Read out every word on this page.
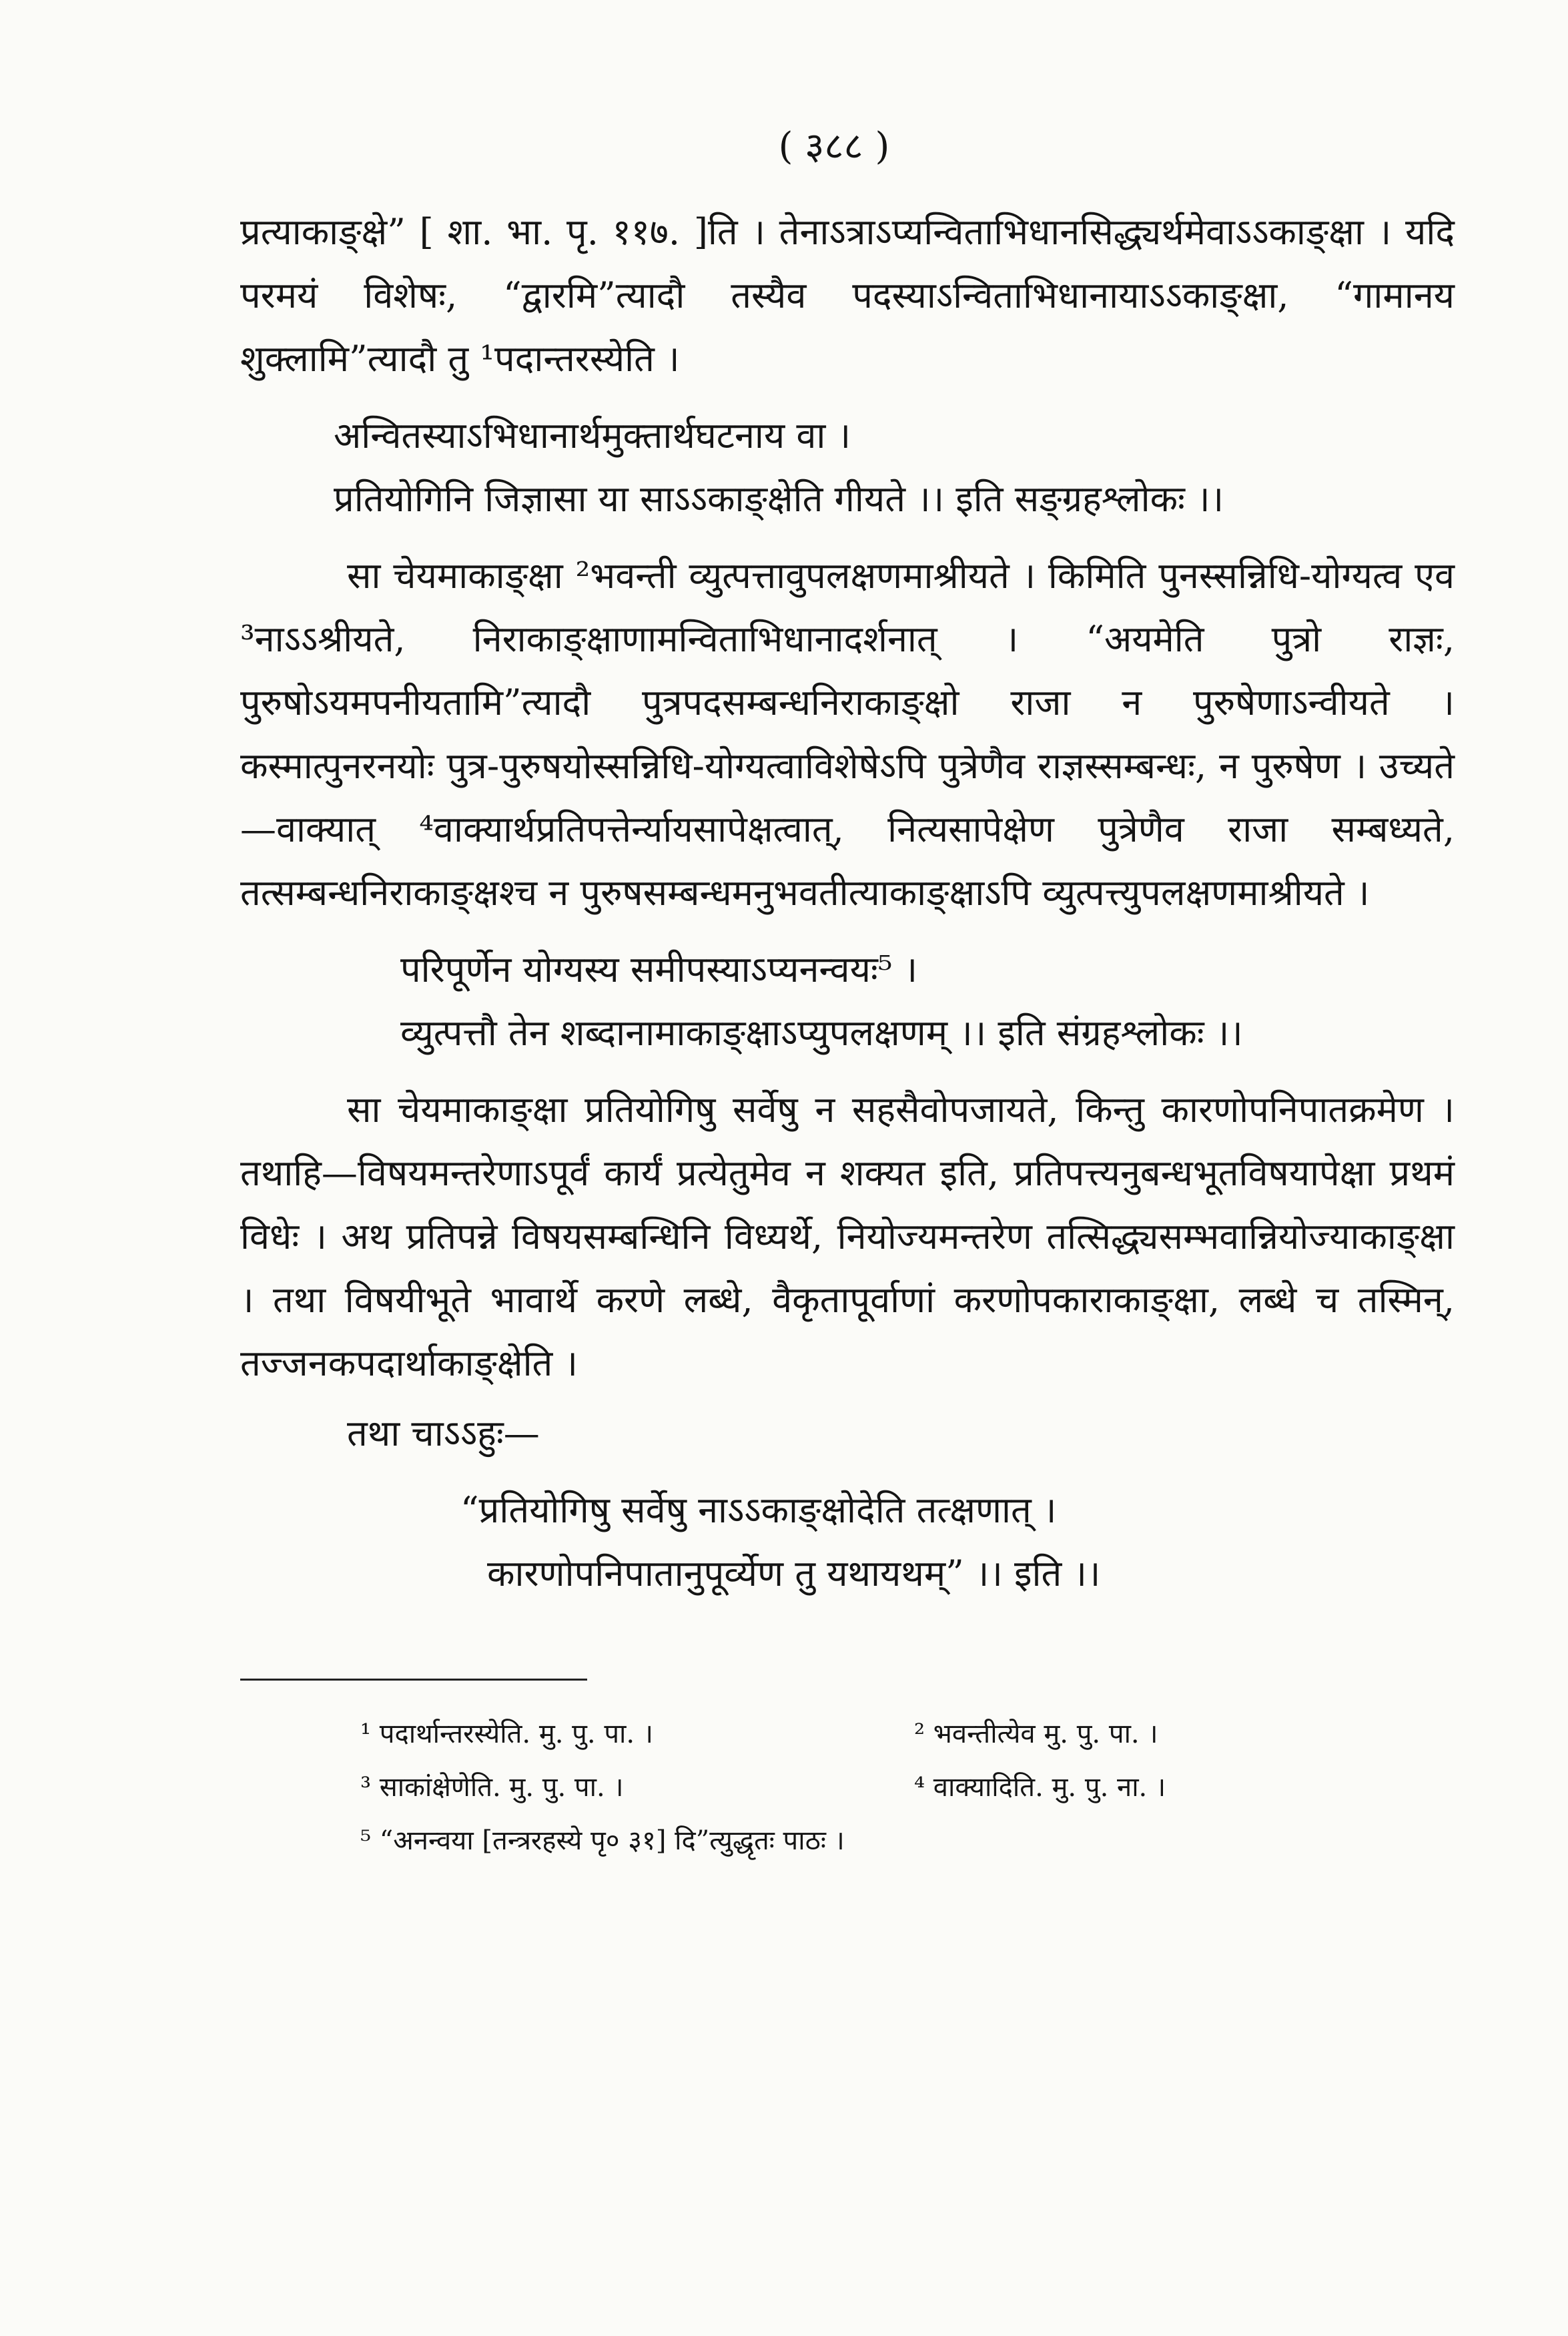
( ३८८ )

प्रत्याकाङ्क्षे” [ शा. भा. पृ. ११७. ]ति । तेनाऽत्राऽप्यन्विताभिधानसिद्ध्यर्थमेवाऽऽकाङ्क्षा । यदि परमयं विशेषः, “द्वारमि”त्यादौ तस्यैव पदस्याऽन्विताभिधानायाऽऽकाङ्क्षा, “गामानय शुक्लामि”त्यादौ तु ¹पदान्तरस्येति ।

अन्वितस्याऽभिधानार्थमुक्तार्थघटनाय वा ।
प्रतियोगिनि जिज्ञासा या साऽऽकाङ्क्षेति गीयते ।। इति सङ्ग्रहश्लोकः ।।

सा चेयमाकाङ्क्षा ²भवन्ती व्युत्पत्तावुपलक्षणमाश्रीयते । किमिति पुनस्सन्निधि-योग्यत्व एव ³नाऽऽश्रीयते, निराकाङ्क्षाणामन्विताभिधानादर्शनात् । “अयमेति पुत्रो राज्ञः, पुरुषोऽयमपनीयतामि”त्यादौ पुत्रपदसम्बन्धनिराकाङ्क्षो राजा न पुरुषेणाऽन्वीयते । कस्मात्पुनरनयोः पुत्र-पुरुषयोस्सन्निधि-योग्यत्वाविशेषेऽपि पुत्रेणैव राज्ञस्सम्बन्धः, न पुरुषेण । उच्यते—वाक्यात् ⁴वाक्यार्थप्रतिपत्तेर्न्यायसापेक्षत्वात्, नित्यसापेक्षेण पुत्रेणैव राजा सम्बध्यते, तत्सम्बन्धनिराकाङ्क्षश्च न पुरुषसम्बन्धमनुभवतीत्याकाङ्क्षाऽपि व्युत्पत्त्युपलक्षणमाश्रीयते ।

परिपूर्णेन योग्यस्य समीपस्याऽप्यनन्वयः⁵ ।
व्युत्पत्तौ तेन शब्दानामाकाङ्क्षाऽप्युपलक्षणम् ।। इति संग्रहश्लोकः ।।

सा चेयमाकाङ्क्षा प्रतियोगिषु सर्वेषु न सहसैवोपजायते, किन्तु कारणोपनिपातक्रमेण । तथाहि—विषयमन्तरेणाऽपूर्वं कार्यं प्रत्येतुमेव न शक्यत इति, प्रतिपत्त्यनुबन्धभूतविषयापेक्षा प्रथमं विधेः । अथ प्रतिपन्ने विषयसम्बन्धिनि विध्यर्थे, नियोज्यमन्तरेण तत्सिद्ध्यसम्भवान्नियोज्याकाङ्क्षा । तथा विषयीभूते भावार्थे करणे लब्धे, वैकृतापूर्वाणां करणोपकाराकाङ्क्षा, लब्धे च तस्मिन्, तज्जनकपदार्थाकाङ्क्षेति ।

तथा चाऽऽहुः—
“प्रतियोगिषु सर्वेषु नाऽऽकाङ्क्षोदेति तत्क्षणात् ।
कारणोपनिपातानुपूर्व्येण तु यथायथम्” ।। इति ।।
¹ पदार्थान्तरस्येति. मु. पु. पा. ।	² भवन्तीत्येव मु. पु. पा. ।
³ साकांक्षेणेति. मु. पु. पा. ।	⁴ वाक्यादिति. मु. पु. ना. ।
⁵ “अनन्वया [तन्त्ररहस्ये पृ० ३१] दि”त्युद्धृतः पाठः ।
